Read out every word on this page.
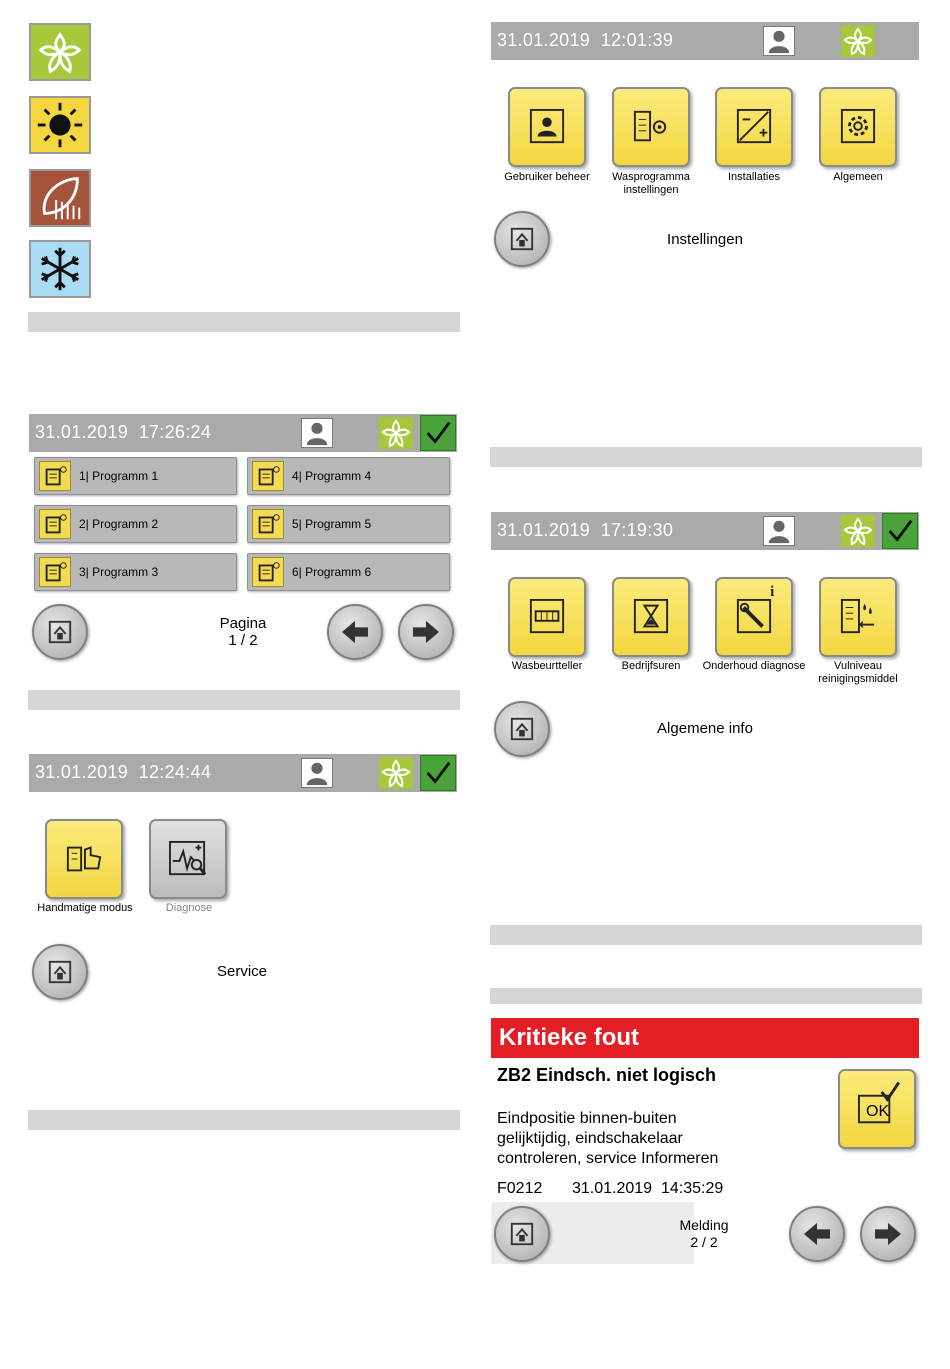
31.01.2019  17:26:24
1| Programm 1
2| Programm 2
3| Programm 3
4| Programm 4
5| Programm 5
6| Programm 6
Pagina
1 / 2
31.01.2019  12:24:44
Handmatige modus	Diagnose
Service
31.01.2019  12:01:39
Gebruiker beheer	Wasprogramma instellingen
Installaties	Algemeen
Instellingen
31.01.2019  17:19:30
Wasbeurtteller	Bedrijfsuren
i
Onderhoud diagnose	Vulniveau reinigingsmiddel
Algemene info
Kritieke fout
ZB2 Eindsch. niet logisch
Eindpositie binnen-buiten gelijktijdig, eindschakelaar controleren, service Informeren
F0212 31.01.2019  14:35:29
OK
Melding
2 / 2
